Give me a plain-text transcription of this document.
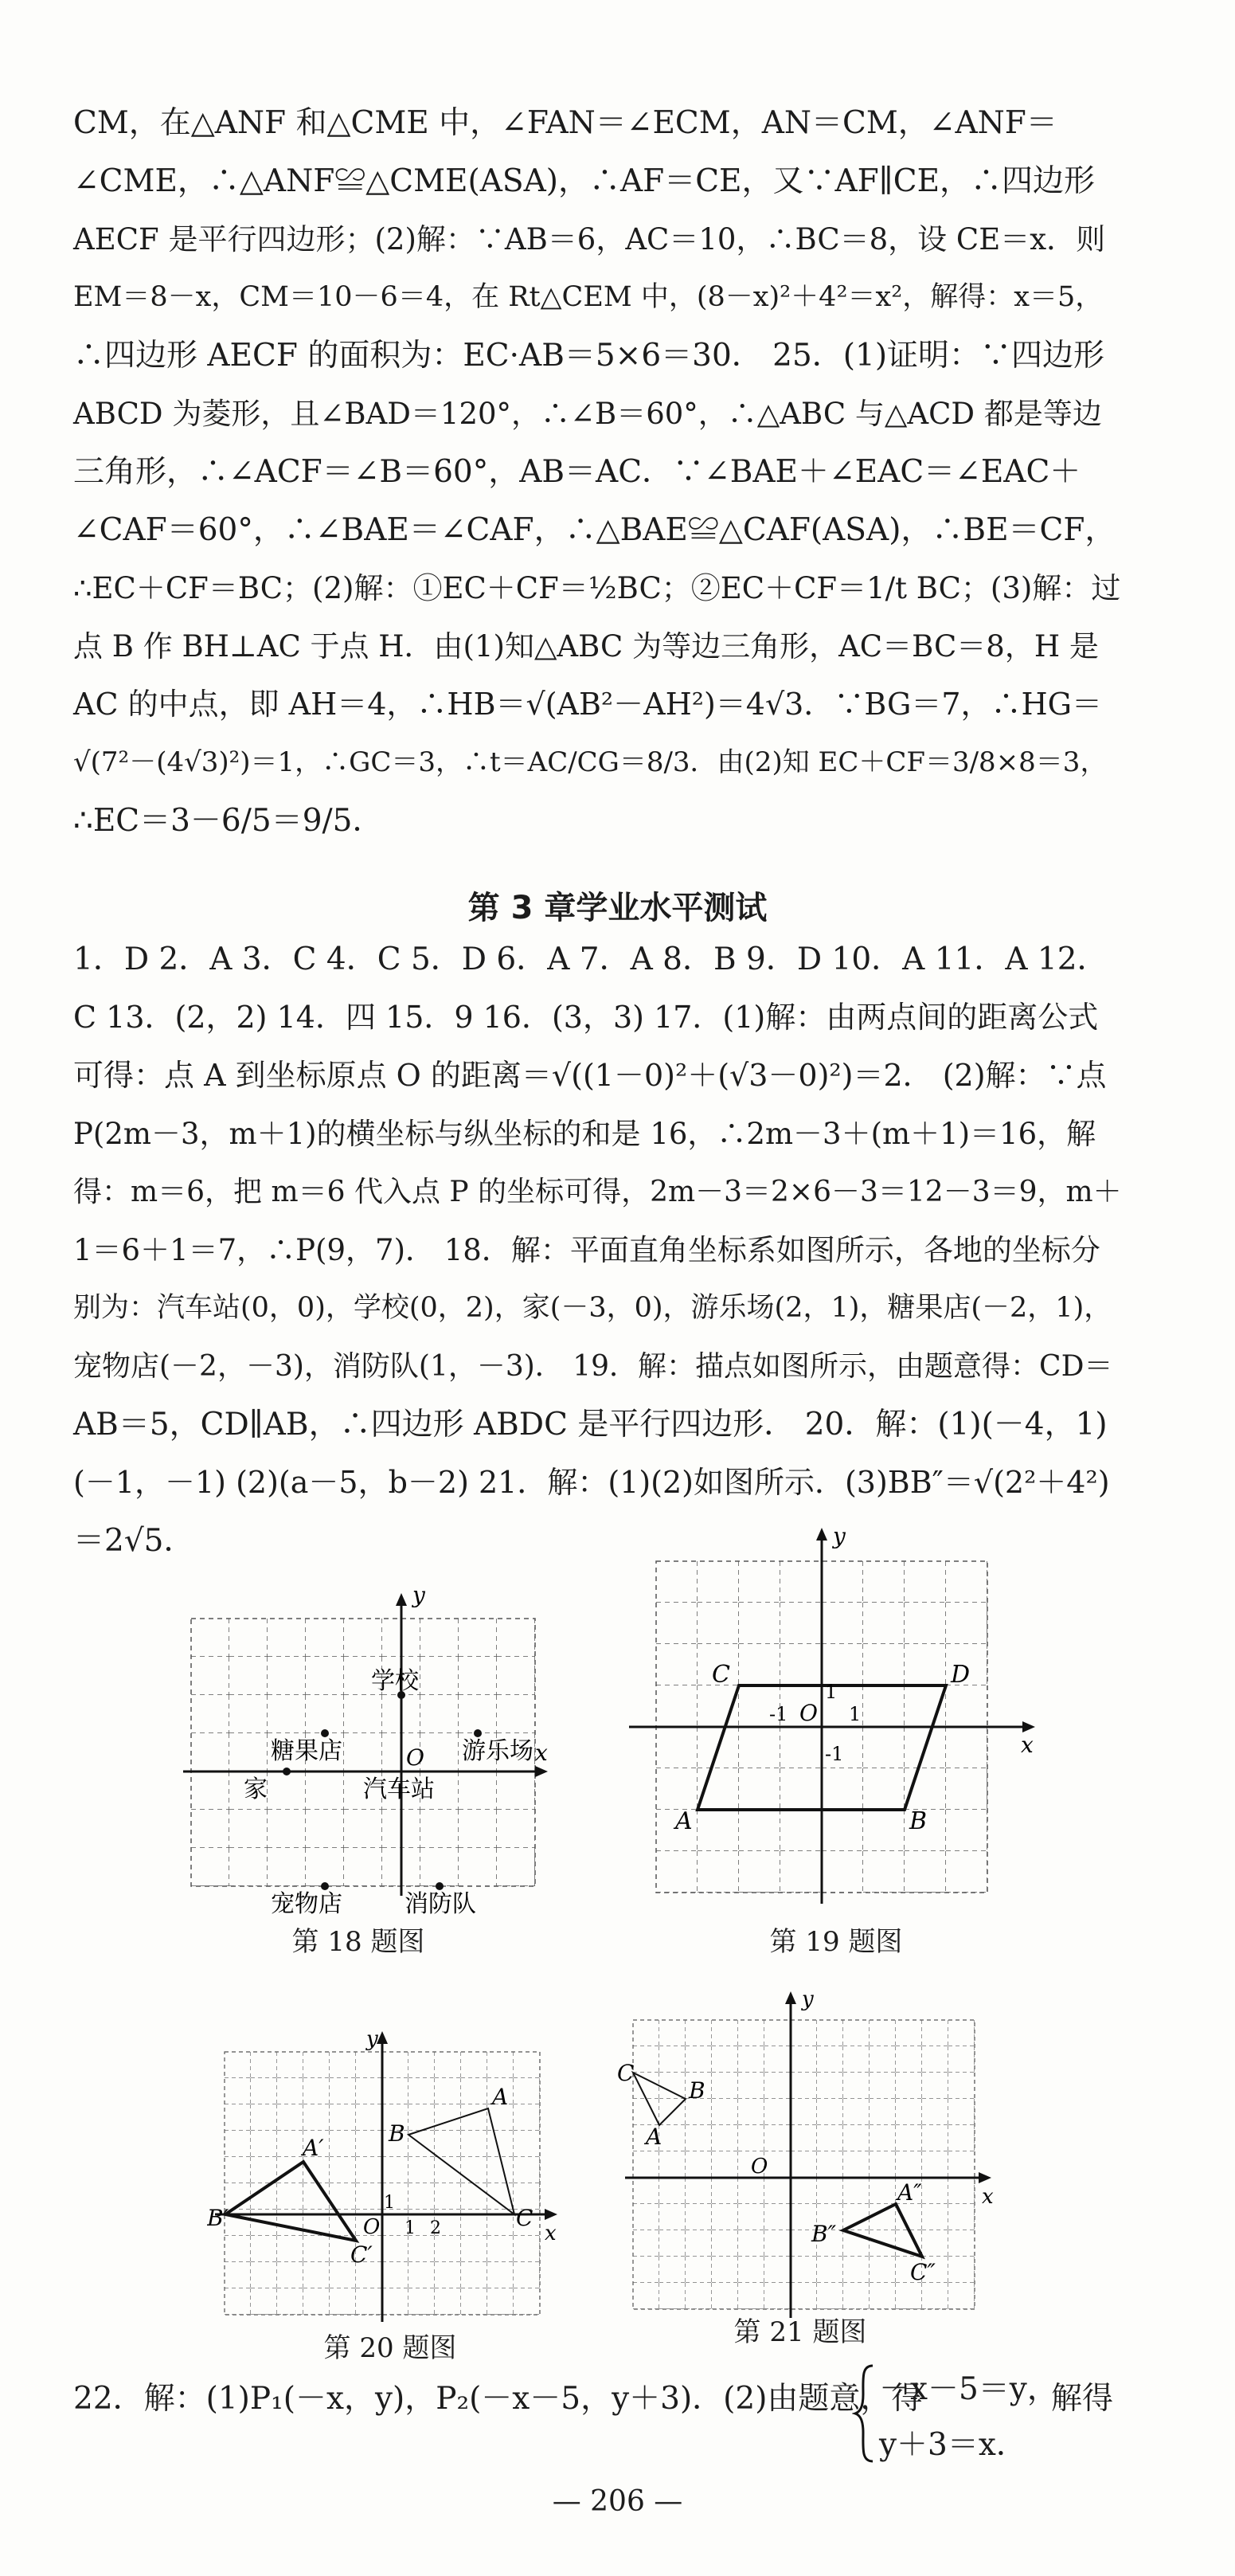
CM，在△ANF 和△CME 中，∠FAN＝∠ECM，AN＝CM，∠ANF＝
∠CME，∴△ANF≌△CME(ASA)，∴AF＝CE，又∵AF∥CE，∴四边形
AECF 是平行四边形；(2)解：∵AB＝6，AC＝10，∴BC＝8，设 CE＝x．则
EM＝8－x，CM＝10－6＝4，在 Rt△CEM 中，(8－x)²＋4²＝x²，解得：x＝5，
∴四边形 AECF 的面积为：EC·AB＝5×6＝30． 25．(1)证明：∵四边形
ABCD 为菱形，且∠BAD＝120°，∴∠B＝60°，∴△ABC 与△ACD 都是等边
三角形，∴∠ACF＝∠B＝60°，AB＝AC．∵∠BAE＋∠EAC＝∠EAC＋
∠CAF＝60°，∴∠BAE＝∠CAF，∴△BAE≌△CAF(ASA)，∴BE＝CF，
∴EC＋CF＝BC；(2)解：①EC＋CF＝½BC；②EC＋CF＝1/t BC；(3)解：过
点 B 作 BH⊥AC 于点 H．由(1)知△ABC 为等边三角形，AC＝BC＝8，H 是
AC 的中点，即 AH＝4，∴HB＝√(AB²－AH²)＝4√3．∵BG＝7，∴HG＝
√(7²－(4√3)²)＝1，∴GC＝3，∴t＝AC/CG＝8/3．由(2)知 EC＋CF＝3/8×8＝3，
∴EC＝3－6/5＝9/5．
第 3 章学业水平测试
1．D 2．A 3．C 4．C 5．D 6．A 7．A 8．B 9．D 10．A 11．A 12．
C 13．(2，2) 14．四 15．9 16．(3，3) 17．(1)解：由两点间的距离公式
可得：点 A 到坐标原点 O 的距离＝√((1－0)²＋(√3－0)²)＝2． (2)解：∵点
P(2m－3，m＋1)的横坐标与纵坐标的和是 16，∴2m－3＋(m＋1)＝16，解
得：m＝6，把 m＝6 代入点 P 的坐标可得，2m－3＝2×6－3＝12－3＝9，m＋
1＝6＋1＝7，∴P(9，7)． 18．解：平面直角坐标系如图所示，各地的坐标分
别为：汽车站(0，0)，学校(0，2)，家(－3，0)，游乐场(2，1)，糖果店(－2，1)，
宠物店(－2，－3)，消防队(1，－3)． 19．解：描点如图所示，由题意得：CD＝
AB＝5，CD∥AB，∴四边形 ABDC 是平行四边形． 20．解：(1)(－4，1)
(－1，－1) (2)(a－5，b－2) 21．解：(1)(2)如图所示．(3)BB″＝√(2²＋4²)
＝2√5．
x
y
O
学校
糖果店	游乐场
家	汽车站
宠物店	消防队
第 18 题图
x
y
O
1
-1
-1	1
A	B
C	D
第 19 题图
x
y
O
1
1 2
A
B
C
A′
B′
C′
第 20 题图
x
y
O
C
B
A
A″
B″
C″
第 21 题图
22．解：(1)P₁(－x，y)，P₂(－x－5，y＋3)．(2)由题意，得
－x－5＝y，
y＋3＝x．
解得
— 206 —
